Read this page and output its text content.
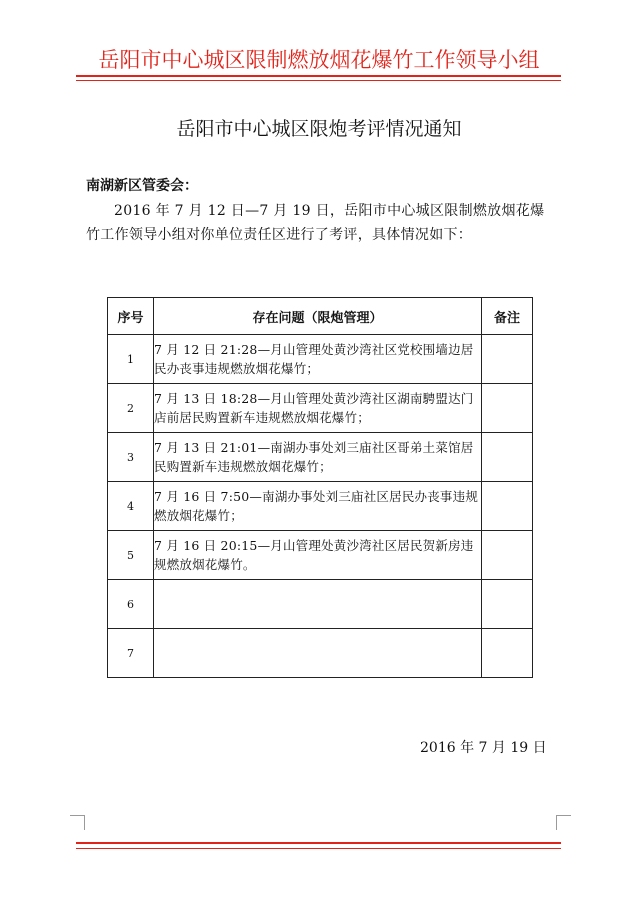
岳阳市中心城区限制燃放烟花爆竹工作领导小组
岳阳市中心城区限炮考评情况通知
南湖新区管委会：
2016 年 7 月 12 日—7 月 19 日，岳阳市中心城区限制燃放烟花爆竹工作领导小组对你单位责任区进行了考评，具体情况如下：
序号	存在问题（限炮管理）	备注
1	7 月 12 日 21:28—月山管理处黄沙湾社区党校围墙边居民办丧事违规燃放烟花爆竹；	
2	7 月 13 日 18:28—月山管理处黄沙湾社区湖南騁盟达门店前居民购置新车违规燃放烟花爆竹；	
3	7 月 13 日 21:01—南湖办事处刘三庙社区哥弟土菜馆居民购置新车违规燃放烟花爆竹；	
4	7 月 16 日 7:50—南湖办事处刘三庙社区居民办丧事违规燃放烟花爆竹；	
5	7 月 16 日 20:15—月山管理处黄沙湾社区居民贺新房违规燃放烟花爆竹。	
6		
7		
2016 年 7 月 19 日
